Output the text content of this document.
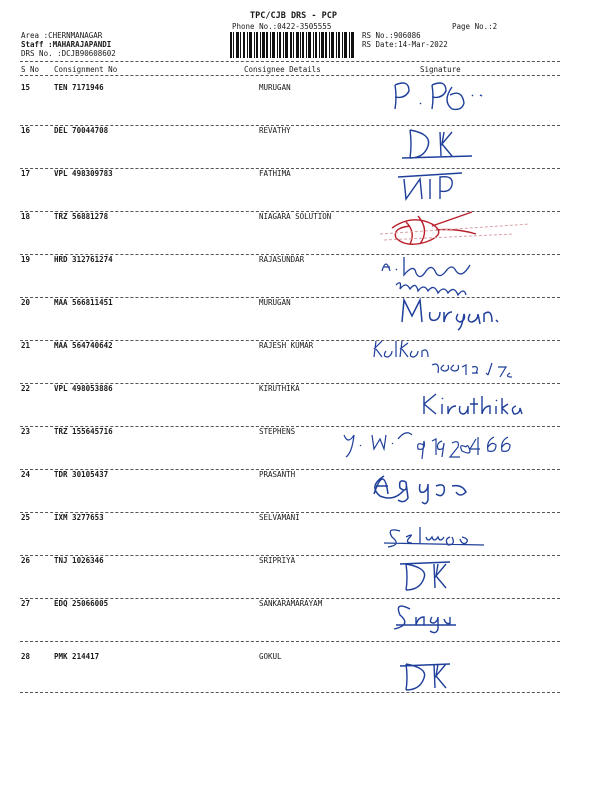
TPC/CJB DRS - PCP
Phone No.:0422-3505555	Page No.:2
Area :CHERNMANAGAR
Staff :MAHARAJAPANDI
DRS No. :DCJB90608602
RS No.:906086
RS Date:14-Mar-2022
S No Consignment No	Consignee Details	Signature
15	TEN 7171946	MURUGAN
16	DEL 70044708	REVATHY
17	VPL 498309783	FATHIMA
18	TRZ 56881278	NIAGARA SOLUTION
19	HRD 312761274	RAJASUNDAR
20	MAA 566811451	MURUGAN
21	MAA 564740642	RAJESH KUMAR
22	VPL 498053886	KIRUTHIKA
23	TRZ 155645716	STEPHENS
24	TDR 30105437	PRASANTH
25	IXM 3277653	SELVAMANI
26	TNJ 1026346	SRIPRIYA
27	EDQ 25066005	SANKARAMARAYAM
28	PMK 214417	GOKUL
